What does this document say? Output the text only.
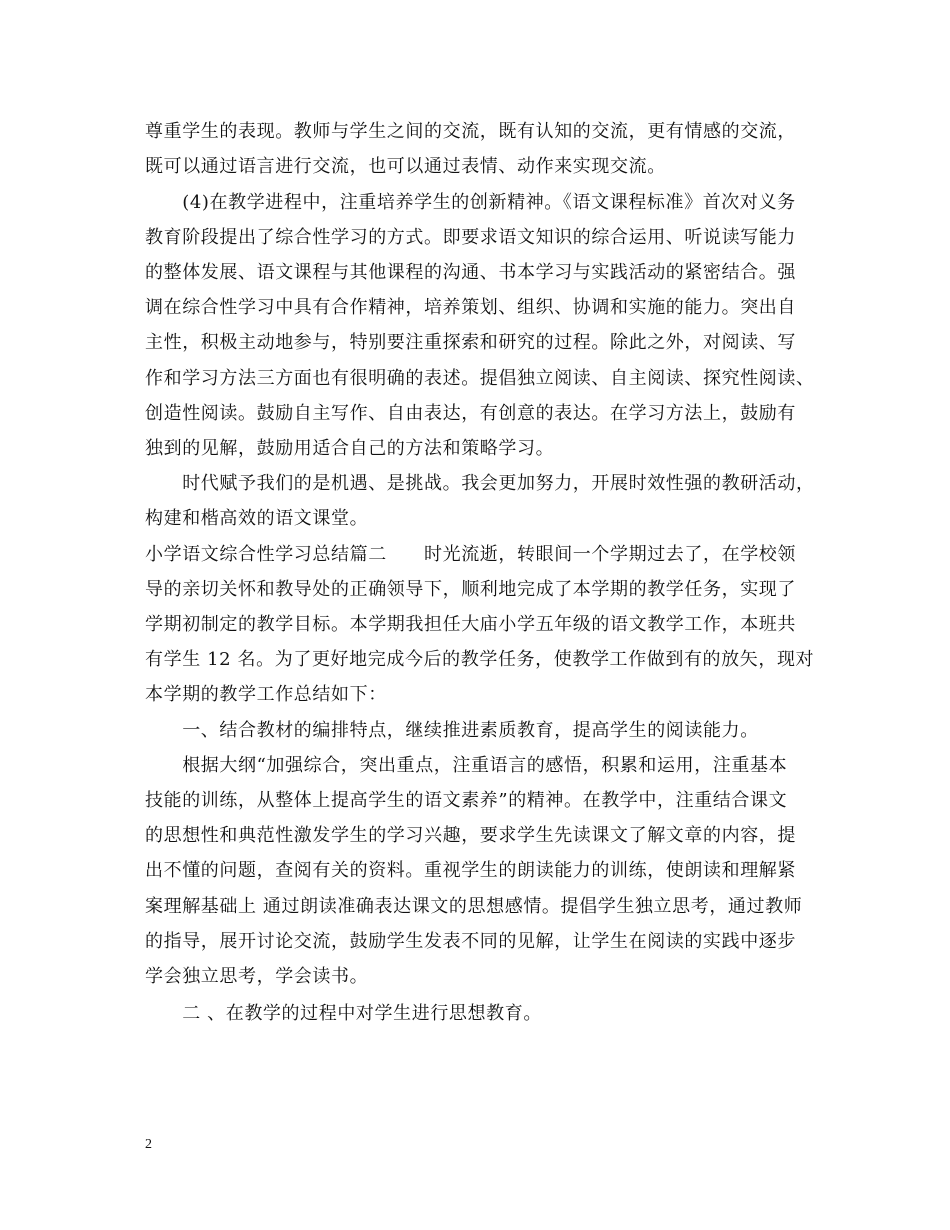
尊重学生的表现。教师与学生之间的交流，既有认知的交流，更有情感的交流，
既可以通过语言进行交流，也可以通过表情、动作来实现交流。
　　(4)在教学进程中，注重培养学生的创新精神。《语文课程标准》首次对义务
教育阶段提出了综合性学习的方式。即要求语文知识的综合运用、听说读写能力
的整体发展、语文课程与其他课程的沟通、书本学习与实践活动的紧密结合。强
调在综合性学习中具有合作精神，培养策划、组织、协调和实施的能力。突出自
主性，积极主动地参与，特别要注重探索和研究的过程。除此之外，对阅读、写
作和学习方法三方面也有很明确的表述。提倡独立阅读、自主阅读、探究性阅读、
创造性阅读。鼓励自主写作、自由表达，有创意的表达。在学习方法上，鼓励有
独到的见解，鼓励用适合自己的方法和策略学习。
　　时代赋予我们的是机遇、是挑战。我会更加努力，开展时效性强的教研活动，
构建和楷高效的语文课堂。
小学语文综合性学习总结篇二　　时光流逝，转眼间一个学期过去了，在学校领
导的亲切关怀和教导处的正确领导下，顺利地完成了本学期的教学任务，实现了
学期初制定的教学目标。本学期我担任大庙小学五年级的语文教学工作，本班共
有学生 12 名。为了更好地完成今后的教学任务，使教学工作做到有的放矢，现对
本学期的教学工作总结如下：
　　一、结合教材的编排特点，继续推进素质教育，提高学生的阅读能力。
　　根据大纲“加强综合，突出重点，注重语言的感悟，积累和运用，注重基本
技能的训练，从整体上提高学生的语文素养”的精神。在教学中，注重结合课文
的思想性和典范性激发学生的学习兴趣，要求学生先读课文了解文章的内容，提
出不懂的问题，查阅有关的资料。重视学生的朗读能力的训练，使朗读和理解紧
案理解基础上 通过朗读准确表达课文的思想感情。提倡学生独立思考，通过教师
的指导，展开讨论交流，鼓励学生发表不同的见解，让学生在阅读的实践中逐步
学会独立思考，学会读书。
　　二 、在教学的过程中对学生进行思想教育。
2
